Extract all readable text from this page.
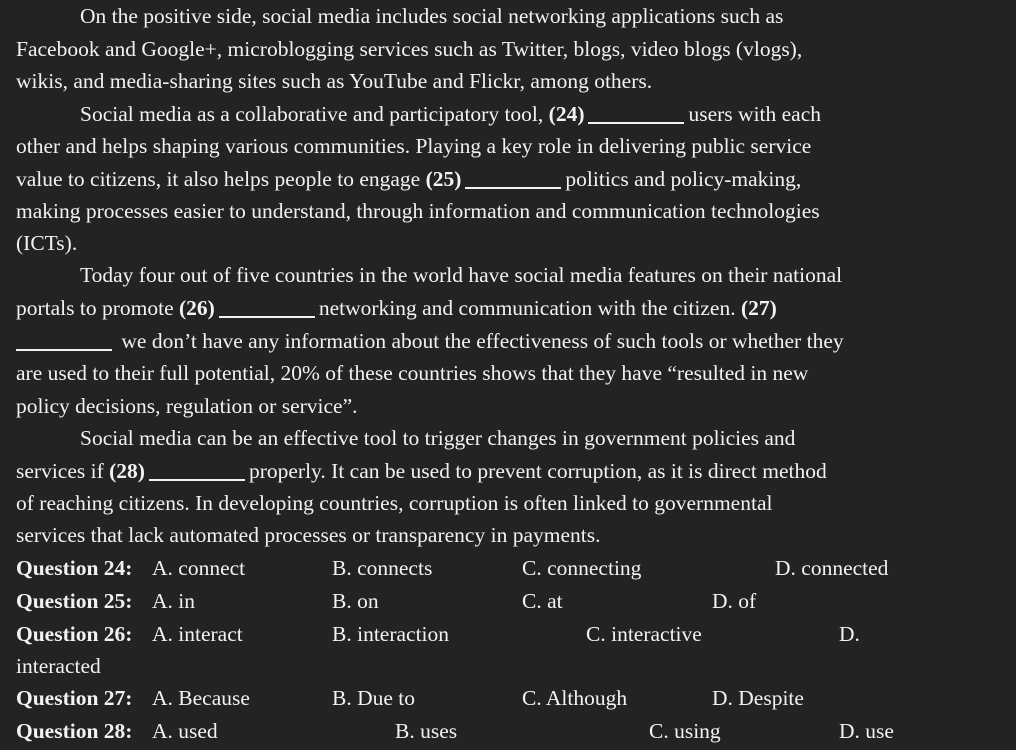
On the positive side, social media includes social networking applications such as
Facebook and Google+, microblogging services such as Twitter, blogs, video blogs (vlogs),
wikis, and media-sharing sites such as YouTube and Flickr, among others.
Social media as a collaborative and participatory tool, (24)	users with each
other and helps shaping various communities. Playing a key role in delivering public service
value to citizens, it also helps people to engage (25)	politics and policy-making,
making processes easier to understand, through information and communication technologies
(ICTs).
Today four out of five countries in the world have social media features on their national
portals to promote (26)	networking and communication with the citizen. (27)
we don’t have any information about the effectiveness of such tools or whether they
are used to their full potential, 20% of these countries shows that they have “resulted in new
policy decisions, regulation or service”.
Social media can be an effective tool to trigger changes in government policies and
services if (28)	properly. It can be used to prevent corruption, as it is direct method
of reaching citizens. In developing countries, corruption is often linked to governmental
services that lack automated processes or transparency in payments.
Question 24: A. connect	B. connects	C. connecting	D. connected
Question 25: A. in	B. on	C. at	D. of
Question 26: A. interact	B. interaction	C. interactive	D.
interacted
Question 27: A. Because	B. Due to	C. Although	D. Despite
Question 28: A. used	B. uses	C. using	D. use
